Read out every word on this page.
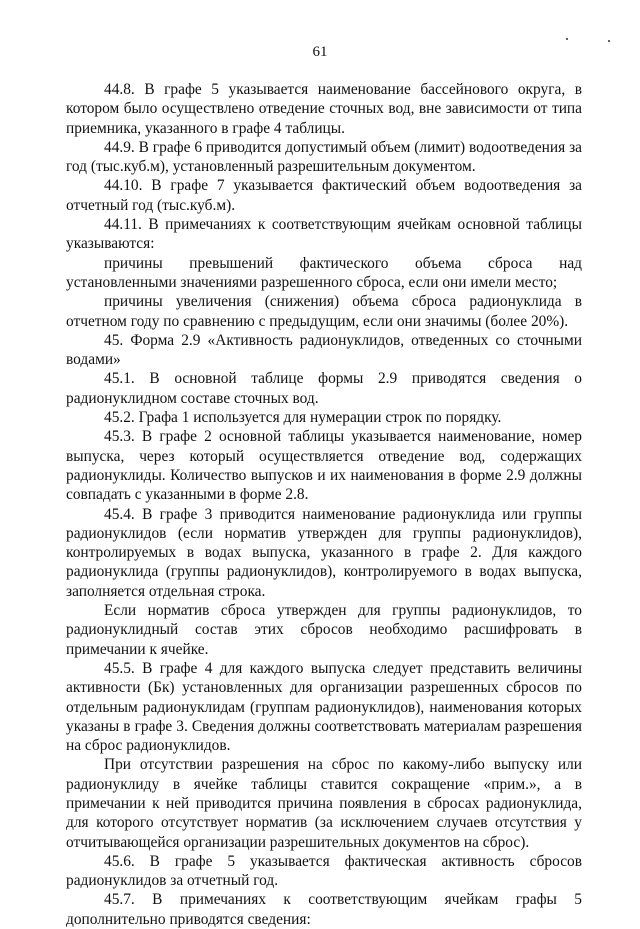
61

44.8. В графе 5 указывается наименование бассейнового округа, в котором было осуществлено отведение сточных вод, вне зависимости от типа приемника, указанного в графе 4 таблицы.

44.9. В графе 6 приводится допустимый объем (лимит) водоотведения за год (тыс.куб.м), установленный разрешительным документом.

44.10. В графе 7 указывается фактический объем водоотведения за отчетный год (тыс.куб.м).

44.11. В примечаниях к соответствующим ячейкам основной таблицы указываются:

причины превышений фактического объема сброса над установленными значениями разрешенного сброса, если они имели место;

причины увеличения (снижения) объема сброса радионуклида в отчетном году по сравнению с предыдущим, если они значимы (более 20%).

45. Форма 2.9 «Активность радионуклидов, отведенных со сточными водами»

45.1. В основной таблице формы 2.9 приводятся сведения о радионуклидном составе сточных вод.

45.2. Графа 1 используется для нумерации строк по порядку.

45.3. В графе 2 основной таблицы указывается наименование, номер выпуска, через который осуществляется отведение вод, содержащих радионуклиды. Количество выпусков и их наименования в форме 2.9 должны совпадать с указанными в форме 2.8.

45.4. В графе 3 приводится наименование радионуклида или группы радионуклидов (если норматив утвержден для группы радионуклидов), контролируемых в водах выпуска, указанного в графе 2. Для каждого радионуклида (группы радионуклидов), контролируемого в водах выпуска, заполняется отдельная строка.

Если норматив сброса утвержден для группы радионуклидов, то радионуклидный состав этих сбросов необходимо расшифровать в примечании к ячейке.

45.5. В графе 4 для каждого выпуска следует представить величины активности (Бк) установленных для организации разрешенных сбросов по отдельным радионуклидам (группам радионуклидов), наименования которых указаны в графе 3. Сведения должны соответствовать материалам разрешения на сброс радионуклидов.

При отсутствии разрешения на сброс по какому-либо выпуску или радионуклиду в ячейке таблицы ставится сокращение «прим.», а в примечании к ней приводится причина появления в сбросах радионуклида, для которого отсутствует норматив (за исключением случаев отсутствия у отчитывающейся организации разрешительных документов на сброс).

45.6. В графе 5 указывается фактическая активность сбросов радионуклидов за отчетный год.

45.7. В примечаниях к соответствующим ячейкам графы 5 дополнительно приводятся сведения:
